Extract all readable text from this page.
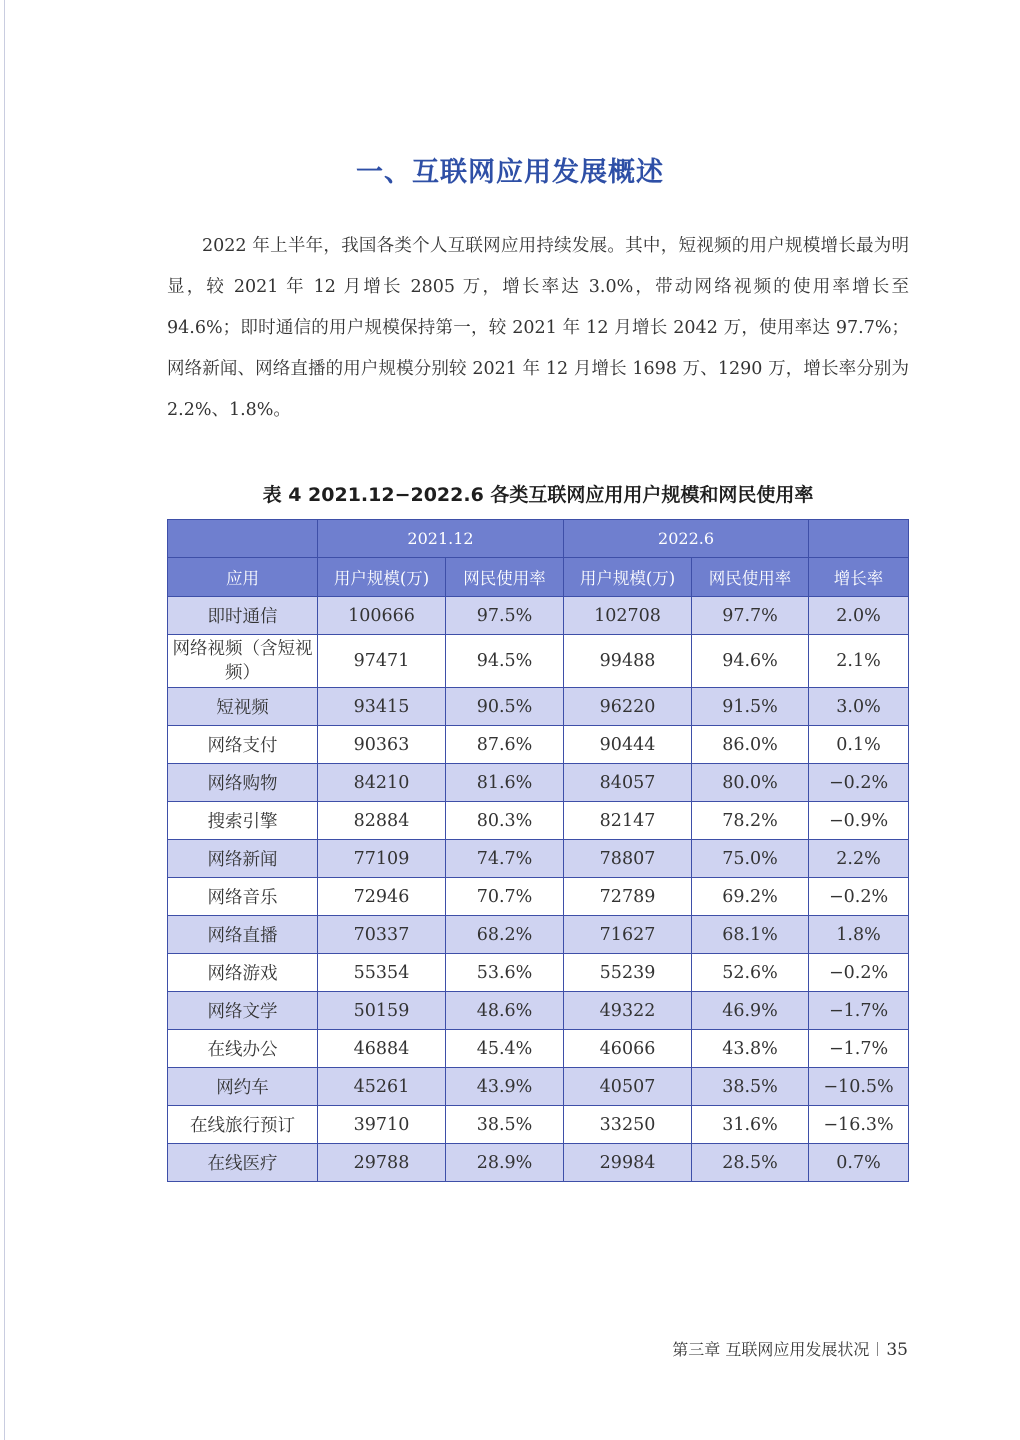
一、互联网应用发展概述

2022 年上半年，我国各类个人互联网应用持续发展。其中，短视频的用户规模增长最为明显，较 2021 年 12 月增长 2805 万，增长率达 3.0%，带动网络视频的使用率增长至 94.6%；即时通信的用户规模保持第一，较 2021 年 12 月增长 2042 万，使用率达 97.7%；网络新闻、网络直播的用户规模分别较 2021 年 12 月增长 1698 万、1290 万，增长率分别为 2.2%、1.8%。

表 4 2021.12−2022.6 各类互联网应用用户规模和网民使用率
	2021.12		2022.6		
应用	用户规模(万)	网民使用率	用户规模(万)	网民使用率	增长率
即时通信	100666	97.5%	102708	97.7%	2.0%
网络视频（含短视频）	97471	94.5%	99488	94.6%	2.1%
短视频	93415	90.5%	96220	91.5%	3.0%
网络支付	90363	87.6%	90444	86.0%	0.1%
网络购物	84210	81.6%	84057	80.0%	−0.2%
搜索引擎	82884	80.3%	82147	78.2%	−0.9%
网络新闻	77109	74.7%	78807	75.0%	2.2%
网络音乐	72946	70.7%	72789	69.2%	−0.2%
网络直播	70337	68.2%	71627	68.1%	1.8%
网络游戏	55354	53.6%	55239	52.6%	−0.2%
网络文学	50159	48.6%	49322	46.9%	−1.7%
在线办公	46884	45.4%	46066	43.8%	−1.7%
网约车	45261	43.9%	40507	38.5%	−10.5%
在线旅行预订	39710	38.5%	33250	31.6%	−16.3%
在线医疗	29788	28.9%	29984	28.5%	0.7%
第三章 互联网应用发展状况 35
